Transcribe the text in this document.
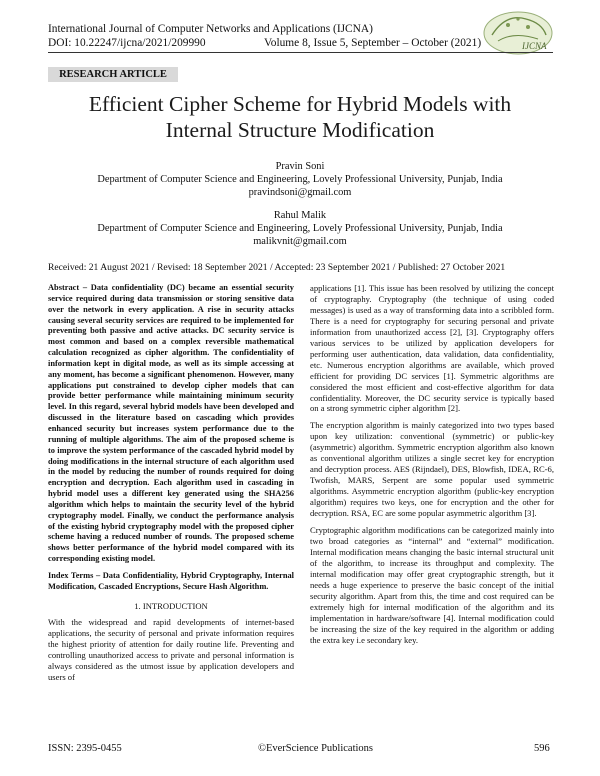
International Journal of Computer Networks and Applications (IJCNA)
DOI: 10.22247/ijcna/2021/209990	Volume 8, Issue 5, September – October (2021)	IJCNA
RESEARCH ARTICLE
Efficient Cipher Scheme for Hybrid Models with
Internal Structure Modification
Pravin Soni
Department of Computer Science and Engineering, Lovely Professional University, Punjab, India
pravindsoni@gmail.com
Rahul Malik
Department of Computer Science and Engineering, Lovely Professional University, Punjab, India
malikvnit@gmail.com
Received: 21 August 2021 / Revised: 18 September 2021 / Accepted: 23 September 2021 / Published: 27 October 2021

Abstract – Data confidentiality (DC) became an essential security service required during data transmission or storing sensitive data over the network in every application. A rise in security attacks causing several security services are required to be implemented for preventing both passive and active attacks. DC security service is most common and based on a complex reversible mathematical calculation recognized as cipher algorithm. The confidentiality of information kept in digital mode, as well as its simple accessing at any moment, has become a significant phenomenon. However, many applications put constrained to develop cipher models that can provide better performance while maintaining minimum security level. In this regard, several hybrid models have been developed and discussed in the literature based on cascading which provides enhanced security but increases system performance due to the running of multiple algorithms. The aim of the proposed scheme is to improve the system performance of the cascaded hybrid model by doing modifications in the internal structure of each algorithm used in the model by reducing the number of rounds required for doing encryption and decryption. Each algorithm used in cascading in hybrid model uses a different key generated using the SHA256 algorithm which helps to maintain the security level of the hybrid cryptography model. Finally, we conduct the performance analysis of the existing hybrid cryptography model with the proposed cipher scheme having a reduced number of rounds. The proposed scheme shows better performance of the hybrid model compared with its corresponding existing model.

Index Terms – Data Confidentiality, Hybrid Cryptography, Internal Modification, Cascaded Encryptions, Secure Hash Algorithm.

1. INTRODUCTION

With the widespread and rapid developments of internet-based applications, the security of personal and private information requires the highest priority of attention for daily routine life. Preventing and controlling unauthorized access to private and personal information is always considered as the utmost issue by application developers and users of

applications [1]. This issue has been resolved by utilizing the concept of cryptography. Cryptography (the technique of using coded messages) is used as a way of transforming data into a scribbled form. There is a need for cryptography for securing personal and private information from unauthorized access [2], [3]. Cryptography offers various services to be utilized by application developers for performing user authentication, data validation, data confidentiality, etc. Numerous encryption algorithms are available, which proved efficient for providing DC services [1]. Symmetric algorithms are considered the most efficient and cost-effective algorithm for data confidentiality. Moreover, the DC security service is typically based on a strong symmetric cipher algorithm [2].

The encryption algorithm is mainly categorized into two types based upon key utilization: conventional (symmetric) or public-key (asymmetric) algorithm. Symmetric encryption algorithm also known as conventional algorithm utilizes a single secret key for encryption and decryption process. AES (Rijndael), DES, Blowfish, IDEA, RC-6, Twofish, MARS, Serpent are some popular used symmetric algorithms. Asymmetric encryption algorithm (public-key encryption algorithm) requires two keys, one for encryption and the other for decryption. RSA, EC are some popular asymmetric algorithm [3].

Cryptographic algorithm modifications can be categorized mainly into two broad categories as “internal” and “external” modification. Internal modification means changing the basic internal structural unit of the algorithm, to increase its throughput and complexity. The internal modification may offer great cryptographic strength, but it needs a huge experience to preserve the basic concept of the initial security algorithm. Apart from this, the time and cost required can be extremely high for internal modification of the algorithm and its implementation in hardware/software [4]. Internal modification could be increasing the size of the key required in the algorithm or adding the extra key i.e secondary key.

ISSN: 2395-0455	©EverScience Publications	596
